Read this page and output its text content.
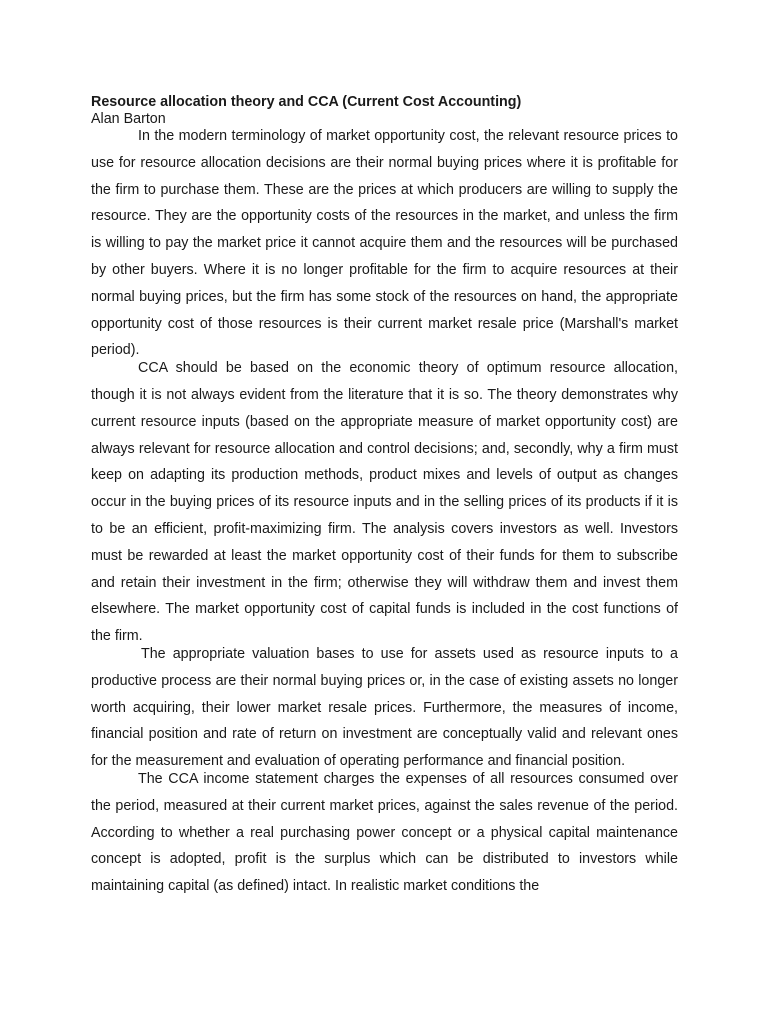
Resource allocation theory and CCA (Current Cost Accounting)
Alan Barton

In the modern terminology of market opportunity cost, the relevant resource prices to use for resource allocation decisions are their normal buying prices where it is profitable for the firm to purchase them. These are the prices at which producers are willing to supply the resource. They are the opportunity costs of the resources in the market, and unless the firm is willing to pay the market price it cannot acquire them and the resources will be purchased by other buyers. Where it is no longer profitable for the firm to acquire resources at their normal buying prices, but the firm has some stock of the resources on hand, the appropriate opportunity cost of those resources is their current market resale price (Marshall's market period).

CCA should be based on the economic theory of optimum resource allocation, though it is not always evident from the literature that it is so. The theory demonstrates why current resource inputs (based on the appropriate measure of market opportunity cost) are always relevant for resource allocation and control decisions; and, secondly, why a firm must keep on adapting its production methods, product mixes and levels of output as changes occur in the buying prices of its resource inputs and in the selling prices of its products if it is to be an efficient, profit-maximizing firm. The analysis covers investors as well. Investors must be rewarded at least the market opportunity cost of their funds for them to subscribe and retain their investment in the firm; otherwise they will withdraw them and invest them elsewhere. The market opportunity cost of capital funds is included in the cost functions of the firm.

The appropriate valuation bases to use for assets used as resource inputs to a productive process are their normal buying prices or, in the case of existing assets no longer worth acquiring, their lower market resale prices. Furthermore, the measures of income, financial position and rate of return on investment are conceptually valid and relevant ones for the measurement and evaluation of operating performance and financial position.

The CCA income statement charges the expenses of all resources consumed over the period, measured at their current market prices, against the sales revenue of the period. According to whether a real purchasing power concept or a physical capital maintenance concept is adopted, profit is the surplus which can be distributed to investors while maintaining capital (as defined) intact. In realistic market conditions the
